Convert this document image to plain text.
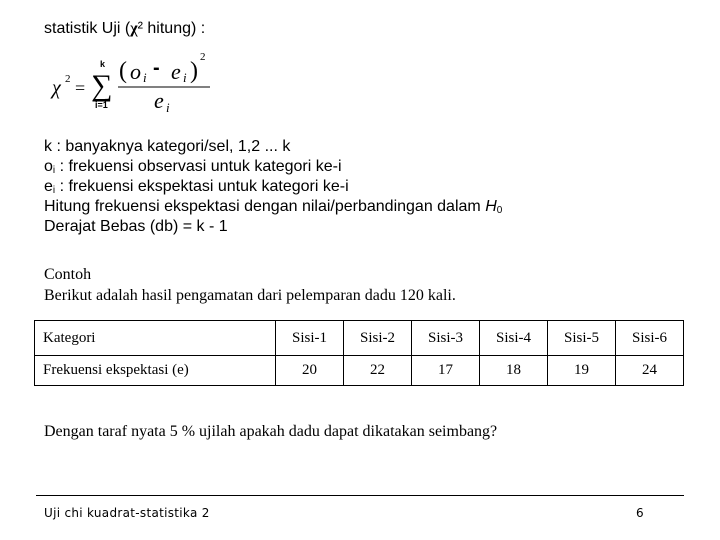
statistik Uji (χ² hitung) :
χ 2 =
k
∑
i=1
( o i - e i )
2
e i
k : banyaknya kategori/sel, 1,2 ... k
$o_i$ : frekuensi observasi untuk kategori ke-i
$e_i$ : frekuensi ekspektasi untuk kategori ke-i
Hitung frekuensi ekspektasi dengan nilai/perbandingan dalam $H_0$
Derajat Bebas (db) = k - 1
Contoh
Berikut adalah hasil pengamatan dari pelemparan dadu 120 kali.
Kategori	Sisi-1	Sisi-2	Sisi-3	Sisi-4	Sisi-5	Sisi-6
Frekuensi ekspektasi (e)	20	22	17	18	19	24
Dengan taraf nyata 5 % ujilah apakah dadu dapat dikatakan seimbang?
Uji chi kuadrat-statistika 2	6
